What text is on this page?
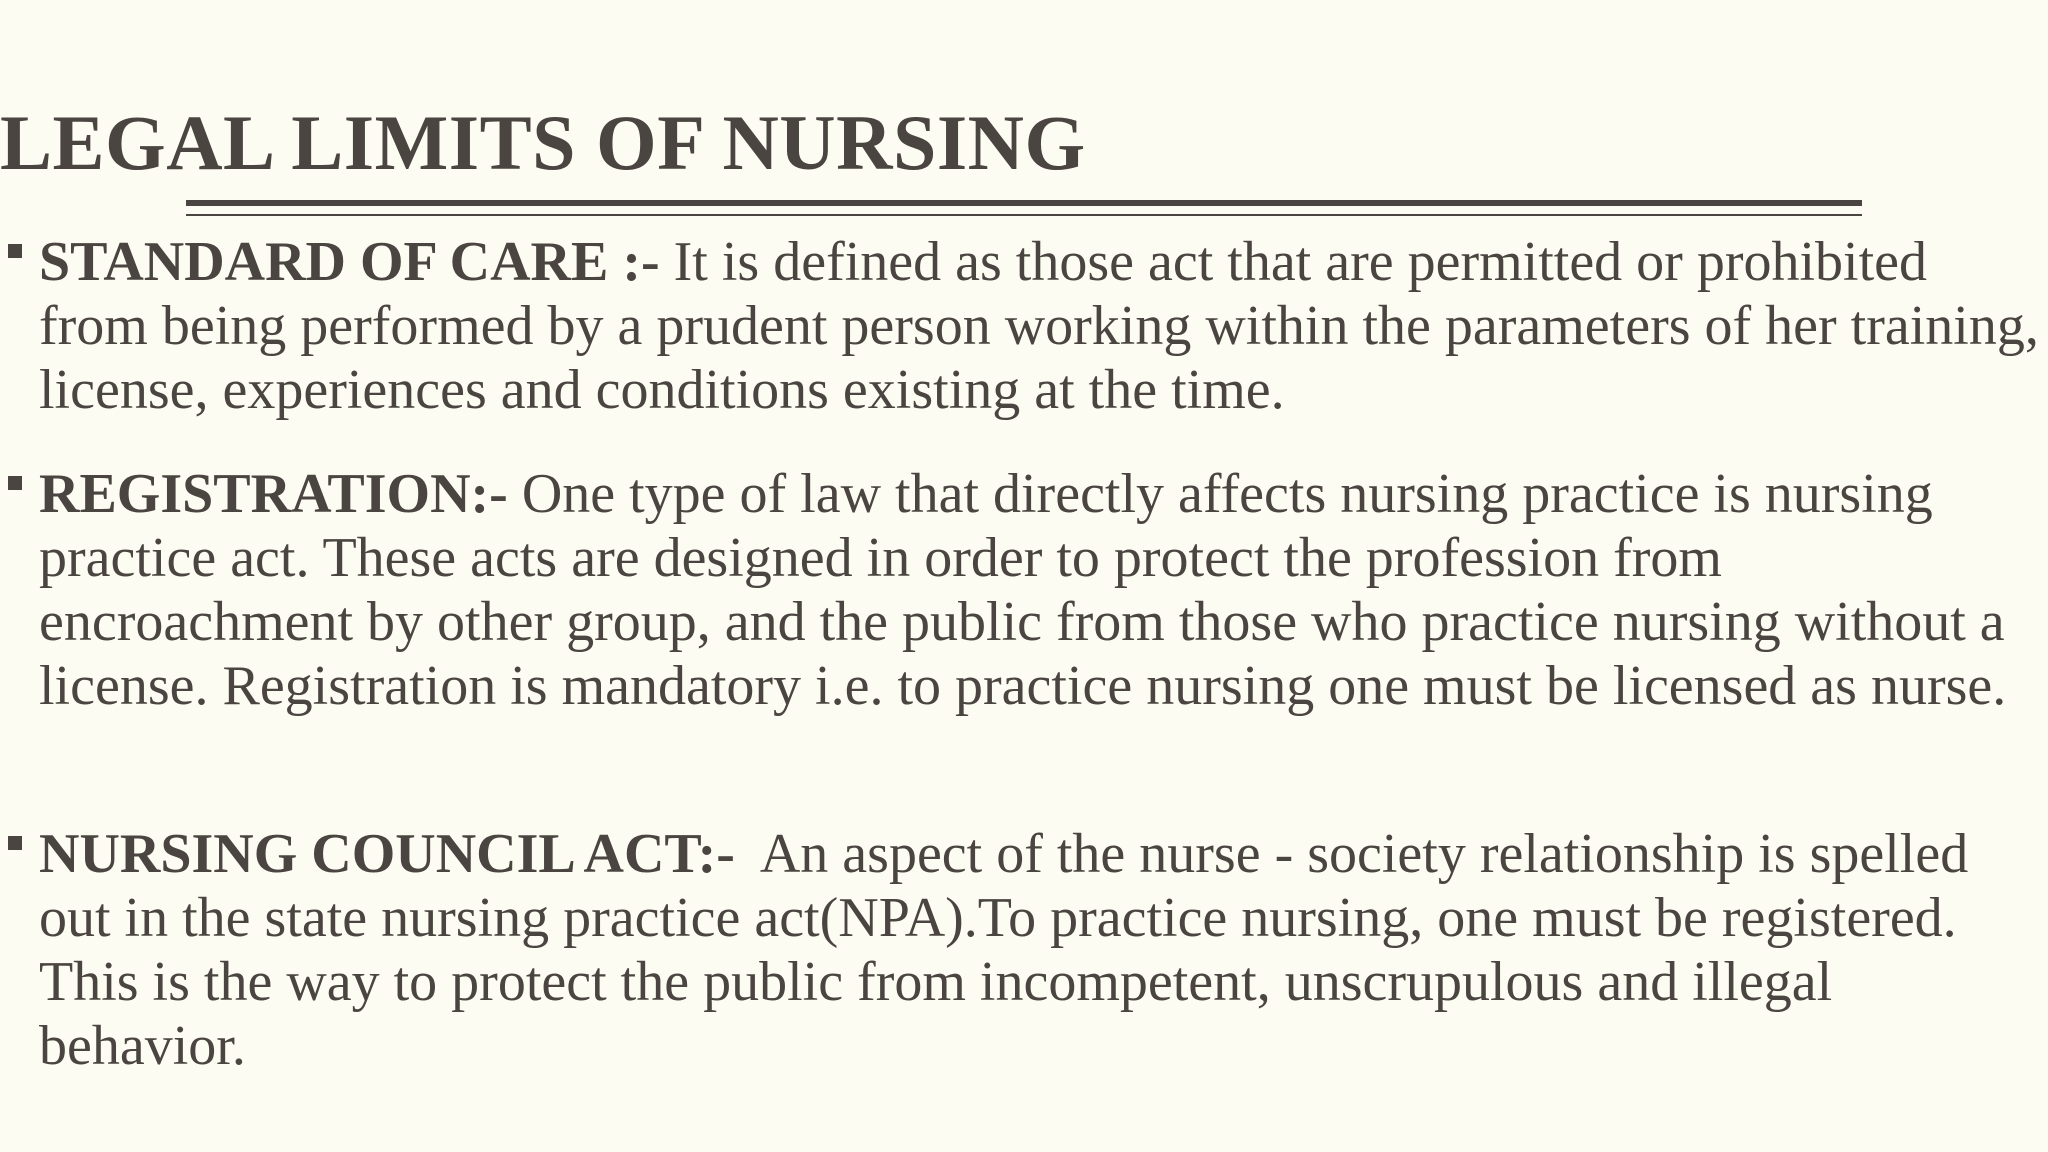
LEGAL LIMITS OF NURSING

STANDARD OF CARE :- It is defined as those act that are permitted or prohibited from being performed by a prudent person working within the parameters of her training, license, experiences and conditions existing at the time.

REGISTRATION:- One type of law that directly affects nursing practice is nursing practice act. These acts are designed in order to protect the profession from encroachment by other group, and the public from those who practice nursing without a license. Registration is mandatory i.e. to practice nursing one must be licensed as nurse.

NURSING COUNCIL ACT:-  An aspect of the nurse - society relationship is spelled out in the state nursing practice act(NPA).To practice nursing, one must be registered. This is the way to protect the public from incompetent, unscrupulous and illegal behavior.
